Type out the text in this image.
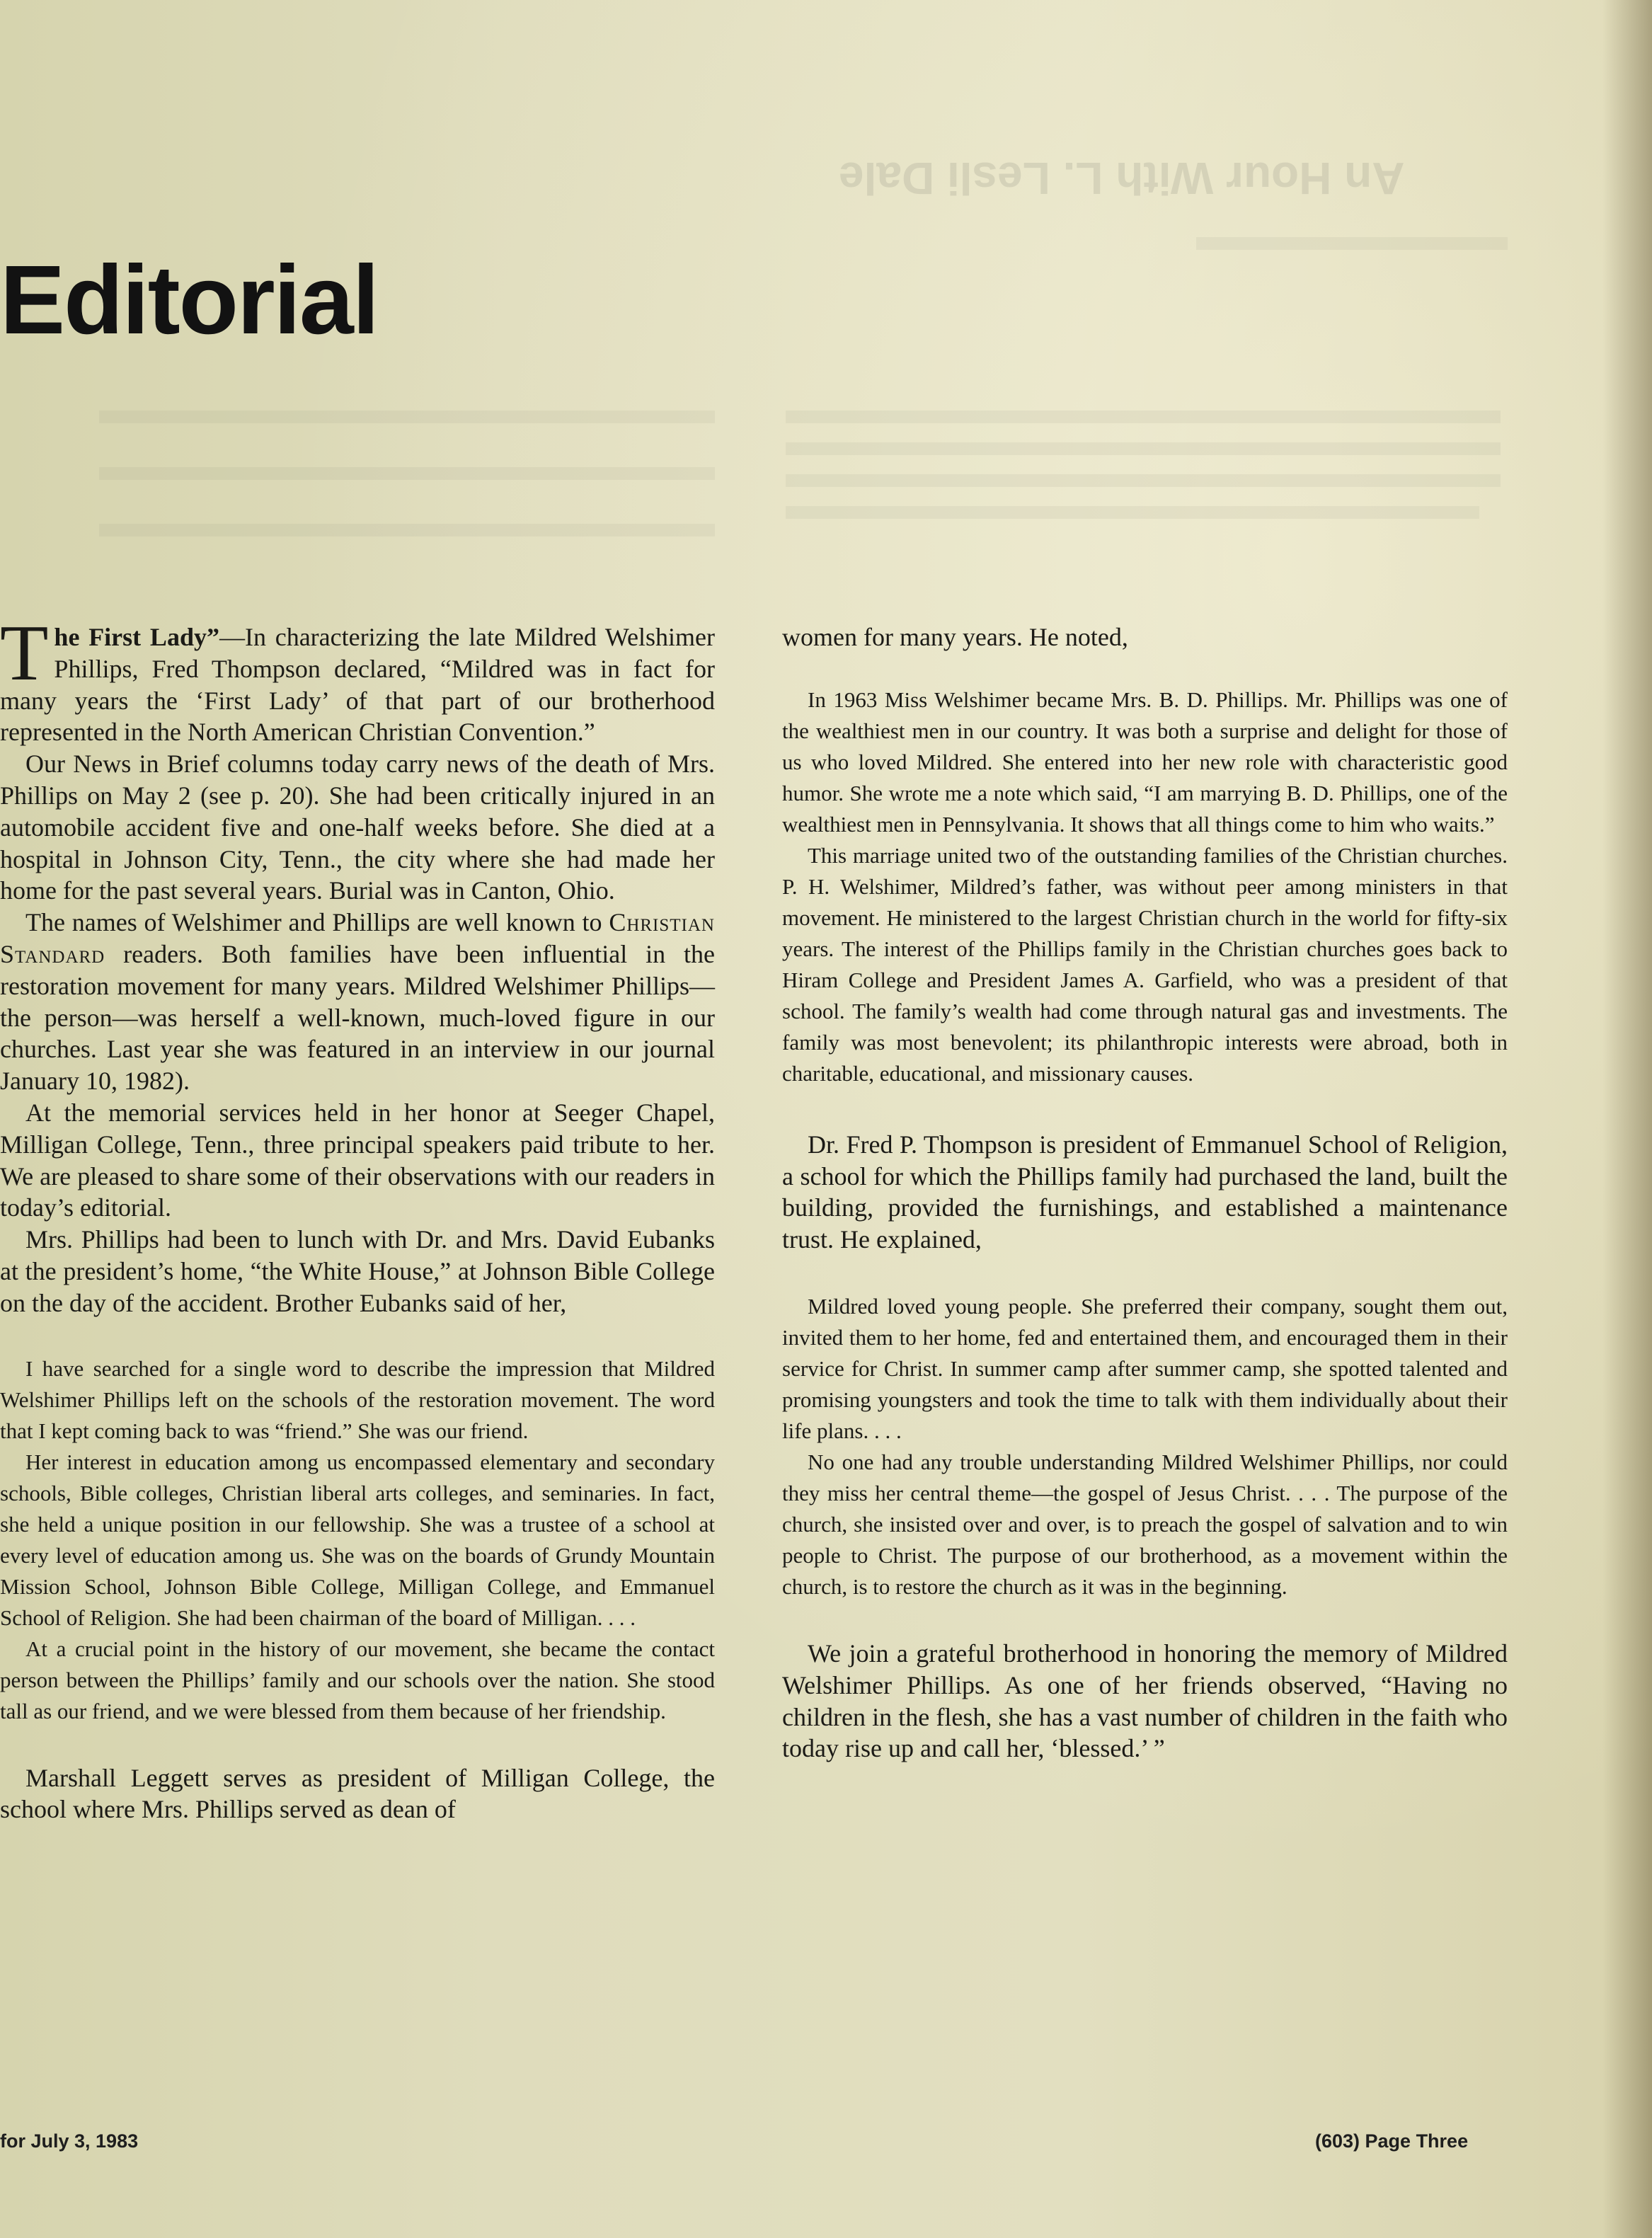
An Hour With L. Lesli Dale
Editorial

The First Lady”—In characterizing the late Mildred Welshimer Phillips, Fred Thompson declared, “Mildred was in fact for many years the ‘First Lady’ of that part of our brotherhood represented in the North American Christian Convention.”

Our News in Brief columns today carry news of the death of Mrs. Phillips on May 2 (see p. 20). She had been critically injured in an automobile accident five and one-half weeks before. She died at a hospital in Johnson City, Tenn., the city where she had made her home for the past several years. Burial was in Canton, Ohio.

The names of Welshimer and Phillips are well known to Christian Standard readers. Both families have been influential in the restoration movement for many years. Mildred Welshimer Phillips—the person—was herself a well-known, much-loved figure in our churches. Last year she was featured in an interview in our journal January 10, 1982).

At the memorial services held in her honor at Seeger Chapel, Milligan College, Tenn., three principal speakers paid tribute to her. We are pleased to share some of their observations with our readers in today’s editorial.

Mrs. Phillips had been to lunch with Dr. and Mrs. David Eubanks at the president’s home, “the White House,” at Johnson Bible College on the day of the accident. Brother Eubanks said of her,

I have searched for a single word to describe the impression that Mildred Welshimer Phillips left on the schools of the restoration movement. The word that I kept coming back to was “friend.” She was our friend.

Her interest in education among us encompassed elementary and secondary schools, Bible colleges, Christian liberal arts colleges, and seminaries. In fact, she held a unique position in our fellowship. She was a trustee of a school at every level of education among us. She was on the boards of Grundy Mountain Mission School, Johnson Bible College, Milligan College, and Emmanuel School of Religion. She had been chairman of the board of Milligan. . . .

At a crucial point in the history of our movement, she became the contact person between the Phillips’ family and our schools over the nation. She stood tall as our friend, and we were blessed from them because of her friendship.

Marshall Leggett serves as president of Milligan College, the school where Mrs. Phillips served as dean of

women for many years. He noted,

In 1963 Miss Welshimer became Mrs. B. D. Phillips. Mr. Phillips was one of the wealthiest men in our country. It was both a surprise and delight for those of us who loved Mildred. She entered into her new role with characteristic good humor. She wrote me a note which said, “I am marrying B. D. Phillips, one of the wealthiest men in Pennsylvania. It shows that all things come to him who waits.”

This marriage united two of the outstanding families of the Christian churches. P. H. Welshimer, Mildred’s father, was without peer among ministers in that movement. He ministered to the largest Christian church in the world for fifty-six years. The interest of the Phillips family in the Christian churches goes back to Hiram College and President James A. Garfield, who was a president of that school. The family’s wealth had come through natural gas and investments. The family was most benevolent; its philanthropic interests were abroad, both in charitable, educational, and missionary causes.

Dr. Fred P. Thompson is president of Emmanuel School of Religion, a school for which the Phillips family had purchased the land, built the building, provided the furnishings, and established a maintenance trust. He explained,

Mildred loved young people. She preferred their company, sought them out, invited them to her home, fed and entertained them, and encouraged them in their service for Christ. In summer camp after summer camp, she spotted talented and promising youngsters and took the time to talk with them individually about their life plans. . . .

No one had any trouble understanding Mildred Welshimer Phillips, nor could they miss her central theme—the gospel of Jesus Christ. . . . The purpose of the church, she insisted over and over, is to preach the gospel of salvation and to win people to Christ. The purpose of our brotherhood, as a movement within the church, is to restore the church as it was in the beginning.

We join a grateful brotherhood in honoring the memory of Mildred Welshimer Phillips. As one of her friends observed, “Having no children in the flesh, she has a vast number of children in the faith who today rise up and call her, ‘blessed.’ ”

for July 3, 1983	(603) Page Three
